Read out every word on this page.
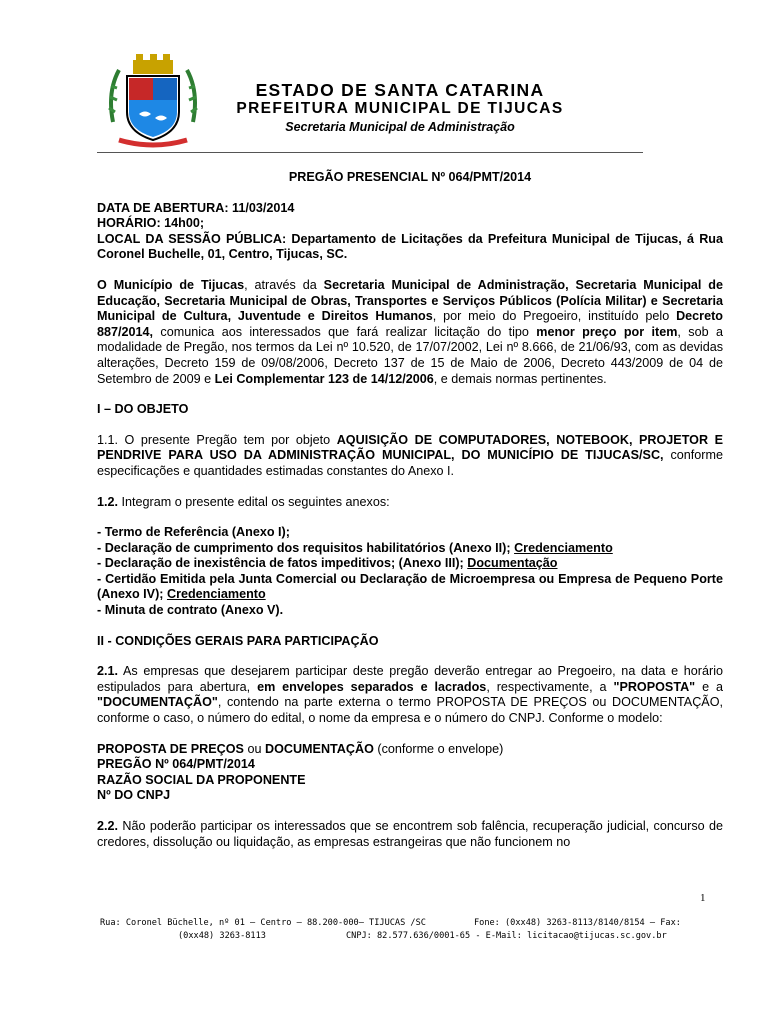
ESTADO DE SANTA CATARINA
PREFEITURA MUNICIPAL DE TIJUCAS
Secretaria Municipal de Administração

PREGÃO PRESENCIAL Nº 064/PMT/2014

DATA DE ABERTURA: 11/03/2014

HORÁRIO: 14h00;

LOCAL DA SESSÃO PÚBLICA: Departamento de Licitações da Prefeitura Municipal de Tijucas, á Rua Coronel Buchelle, 01, Centro, Tijucas, SC.

O Município de Tijucas, através da Secretaria Municipal de Administração, Secretaria Municipal de Educação, Secretaria Municipal de Obras, Transportes e Serviços Públicos (Polícia Militar) e Secretaria Municipal de Cultura, Juventude e Direitos Humanos, por meio do Pregoeiro, instituído pelo Decreto 887/2014, comunica aos interessados que fará realizar licitação do tipo menor preço por item, sob a modalidade de Pregão, nos termos da Lei nº 10.520, de 17/07/2002, Lei nº 8.666, de 21/06/93, com as devidas alterações, Decreto 159 de 09/08/2006, Decreto 137 de 15 de Maio de 2006, Decreto 443/2009 de 04 de Setembro de 2009 e Lei Complementar 123 de 14/12/2006, e demais normas pertinentes.

I – DO OBJETO

1.1. O presente Pregão tem por objeto AQUISIÇÃO DE COMPUTADORES, NOTEBOOK, PROJETOR E PENDRIVE PARA USO DA ADMINISTRAÇÃO MUNICIPAL, DO MUNICÍPIO DE TIJUCAS/SC, conforme especificações e quantidades estimadas constantes do Anexo I.

1.2. Integram o presente edital os seguintes anexos:

- Termo de Referência (Anexo I);

- Declaração de cumprimento dos requisitos habilitatórios (Anexo II); Credenciamento

- Declaração de inexistência de fatos impeditivos; (Anexo III); Documentação

- Certidão Emitida pela Junta Comercial ou Declaração de Microempresa ou Empresa de Pequeno Porte (Anexo IV); Credenciamento

- Minuta de contrato (Anexo V).

II - CONDIÇÕES GERAIS PARA PARTICIPAÇÃO

2.1. As empresas que desejarem participar deste pregão deverão entregar ao Pregoeiro, na data e horário estipulados para abertura, em envelopes separados e lacrados, respectivamente, a "PROPOSTA" e a "DOCUMENTAÇÃO", contendo na parte externa o termo PROPOSTA DE PREÇOS ou DOCUMENTAÇÃO, conforme o caso, o número do edital, o nome da empresa e o número do CNPJ. Conforme o modelo:

PROPOSTA DE PREÇOS ou DOCUMENTAÇÃO (conforme o envelope)

PREGÃO Nº 064/PMT/2014

RAZÃO SOCIAL DA PROPONENTE

Nº DO CNPJ

2.2. Não poderão participar os interessados que se encontrem sob falência, recuperação judicial, concurso de credores, dissolução ou liquidação, as empresas estrangeiras que não funcionem no

1
Rua: Coronel Büchelle, nº 01 – Centro – 88.200-000– TIJUCAS /SC	Fone: (0xx48) 3263-8113/8140/8154 – Fax:
(0xx48) 3263-8113	CNPJ: 82.577.636/0001-65 - E-Mail: licitacao@tijucas.sc.gov.br
